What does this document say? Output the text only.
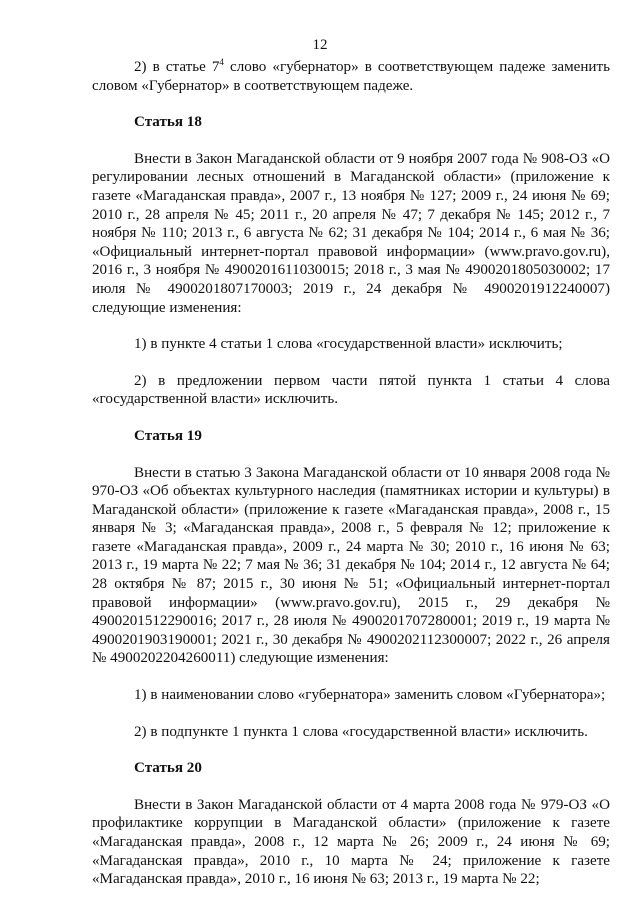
12

2) в статье $7^4$ слово «губернатор» в соответствующем падеже заменить словом «Губернатор» в соответствующем падеже.

Статья 18

Внести в Закон Магаданской области от 9 ноября 2007 года № 908-ОЗ «О регулировании лесных отношений в Магаданской области» (приложение к газете «Магаданская правда», 2007 г., 13 ноября № 127; 2009 г., 24 июня № 69; 2010 г., 28 апреля № 45; 2011 г., 20 апреля № 47; 7 декабря № 145; 2012 г., 7 ноября № 110; 2013 г., 6 августа № 62; 31 декабря № 104; 2014 г., 6 мая № 36; «Официальный интернет-портал правовой информации» (www.pravo.gov.ru), 2016 г., 3 ноября № 4900201611030015; 2018 г., 3 мая № 4900201805030002; 17 июля № 4900201807170003; 2019 г., 24 декабря № 4900201912240007) следующие изменения:

1) в пункте 4 статьи 1 слова «государственной власти» исключить;

2) в предложении первом части пятой пункта 1 статьи 4 слова «государственной власти» исключить.

Статья 19

Внести в статью 3 Закона Магаданской области от 10 января 2008 года № 970-ОЗ «Об объектах культурного наследия (памятниках истории и культуры) в Магаданской области» (приложение к газете «Магаданская правда», 2008 г., 15 января № 3; «Магаданская правда», 2008 г., 5 февраля № 12; приложение к газете «Магаданская правда», 2009 г., 24 марта № 30; 2010 г., 16 июня № 63; 2013 г., 19 марта № 22; 7 мая № 36; 31 декабря № 104; 2014 г., 12 августа № 64; 28 октября № 87; 2015 г., 30 июня № 51; «Официальный интернет-портал правовой информации» (www.pravo.gov.ru), 2015 г., 29 декабря № 4900201512290016; 2017 г., 28 июля № 4900201707280001; 2019 г., 19 марта № 4900201903190001; 2021 г., 30 декабря № 4900202112300007; 2022 г., 26 апреля № 4900202204260011) следующие изменения:

1) в наименовании слово «губернатора» заменить словом «Губернатора»;

2) в подпункте 1 пункта 1 слова «государственной власти» исключить.

Статья 20

Внести в Закон Магаданской области от 4 марта 2008 года № 979-ОЗ «О профилактике коррупции в Магаданской области» (приложение к газете «Магаданская правда», 2008 г., 12 марта № 26; 2009 г., 24 июня № 69; «Магаданская правда», 2010 г., 10 марта № 24; приложение к газете «Магаданская правда», 2010 г., 16 июня № 63; 2013 г., 19 марта № 22;
